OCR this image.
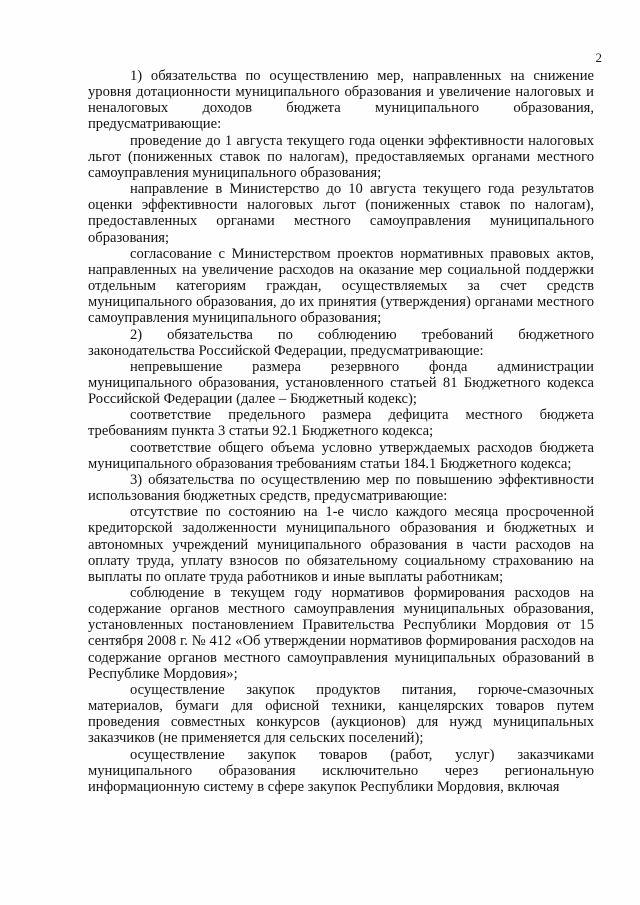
2

1) обязательства по осуществлению мер, направленных на снижение уровня дотационности муниципального образования и увеличение налоговых и неналоговых доходов бюджета муниципального образования, предусматривающие:

проведение до 1 августа текущего года оценки эффективности налоговых льгот (пониженных ставок по налогам), предоставляемых органами местного самоуправления муниципального образования;

направление в Министерство до 10 августа текущего года результатов оценки эффективности налоговых льгот (пониженных ставок по налогам), предоставленных органами местного самоуправления муниципального образования;

согласование с Министерством проектов нормативных правовых актов, направленных на увеличение расходов на оказание мер социальной поддержки отдельным категориям граждан, осуществляемых за счет средств муниципального образования, до их принятия (утверждения) органами местного самоуправления муниципального образования;

2) обязательства по соблюдению требований бюджетного законодательства Российской Федерации, предусматривающие:

непревышение размера резервного фонда администрации муниципального образования, установленного статьей 81 Бюджетного кодекса Российской Федерации (далее – Бюджетный кодекс);

соответствие предельного размера дефицита местного бюджета требованиям пункта 3 статьи 92.1 Бюджетного кодекса;

соответствие общего объема условно утверждаемых расходов бюджета муниципального образования требованиям статьи 184.1 Бюджетного кодекса;

3) обязательства по осуществлению мер по повышению эффективности использования бюджетных средств, предусматривающие:

отсутствие по состоянию на 1-е число каждого месяца просроченной кредиторской задолженности муниципального образования и бюджетных и автономных учреждений муниципального образования в части расходов на оплату труда, уплату взносов по обязательному социальному страхованию на выплаты по оплате труда работников и иные выплаты работникам;

соблюдение в текущем году нормативов формирования расходов на содержание органов местного самоуправления муниципальных образования, установленных постановлением Правительства Республики Мордовия от 15 сентября 2008 г. № 412 «Об утверждении нормативов формирования расходов на содержание органов местного самоуправления муниципальных образований в Республике Мордовия»;

осуществление закупок продуктов питания, горюче-смазочных материалов, бумаги для офисной техники, канцелярских товаров путем проведения совместных конкурсов (аукционов) для нужд муниципальных заказчиков (не применяется для сельских поселений);

осуществление закупок товаров (работ, услуг) заказчиками муниципального образования исключительно через региональную информационную систему в сфере закупок Республики Мордовия, включая
